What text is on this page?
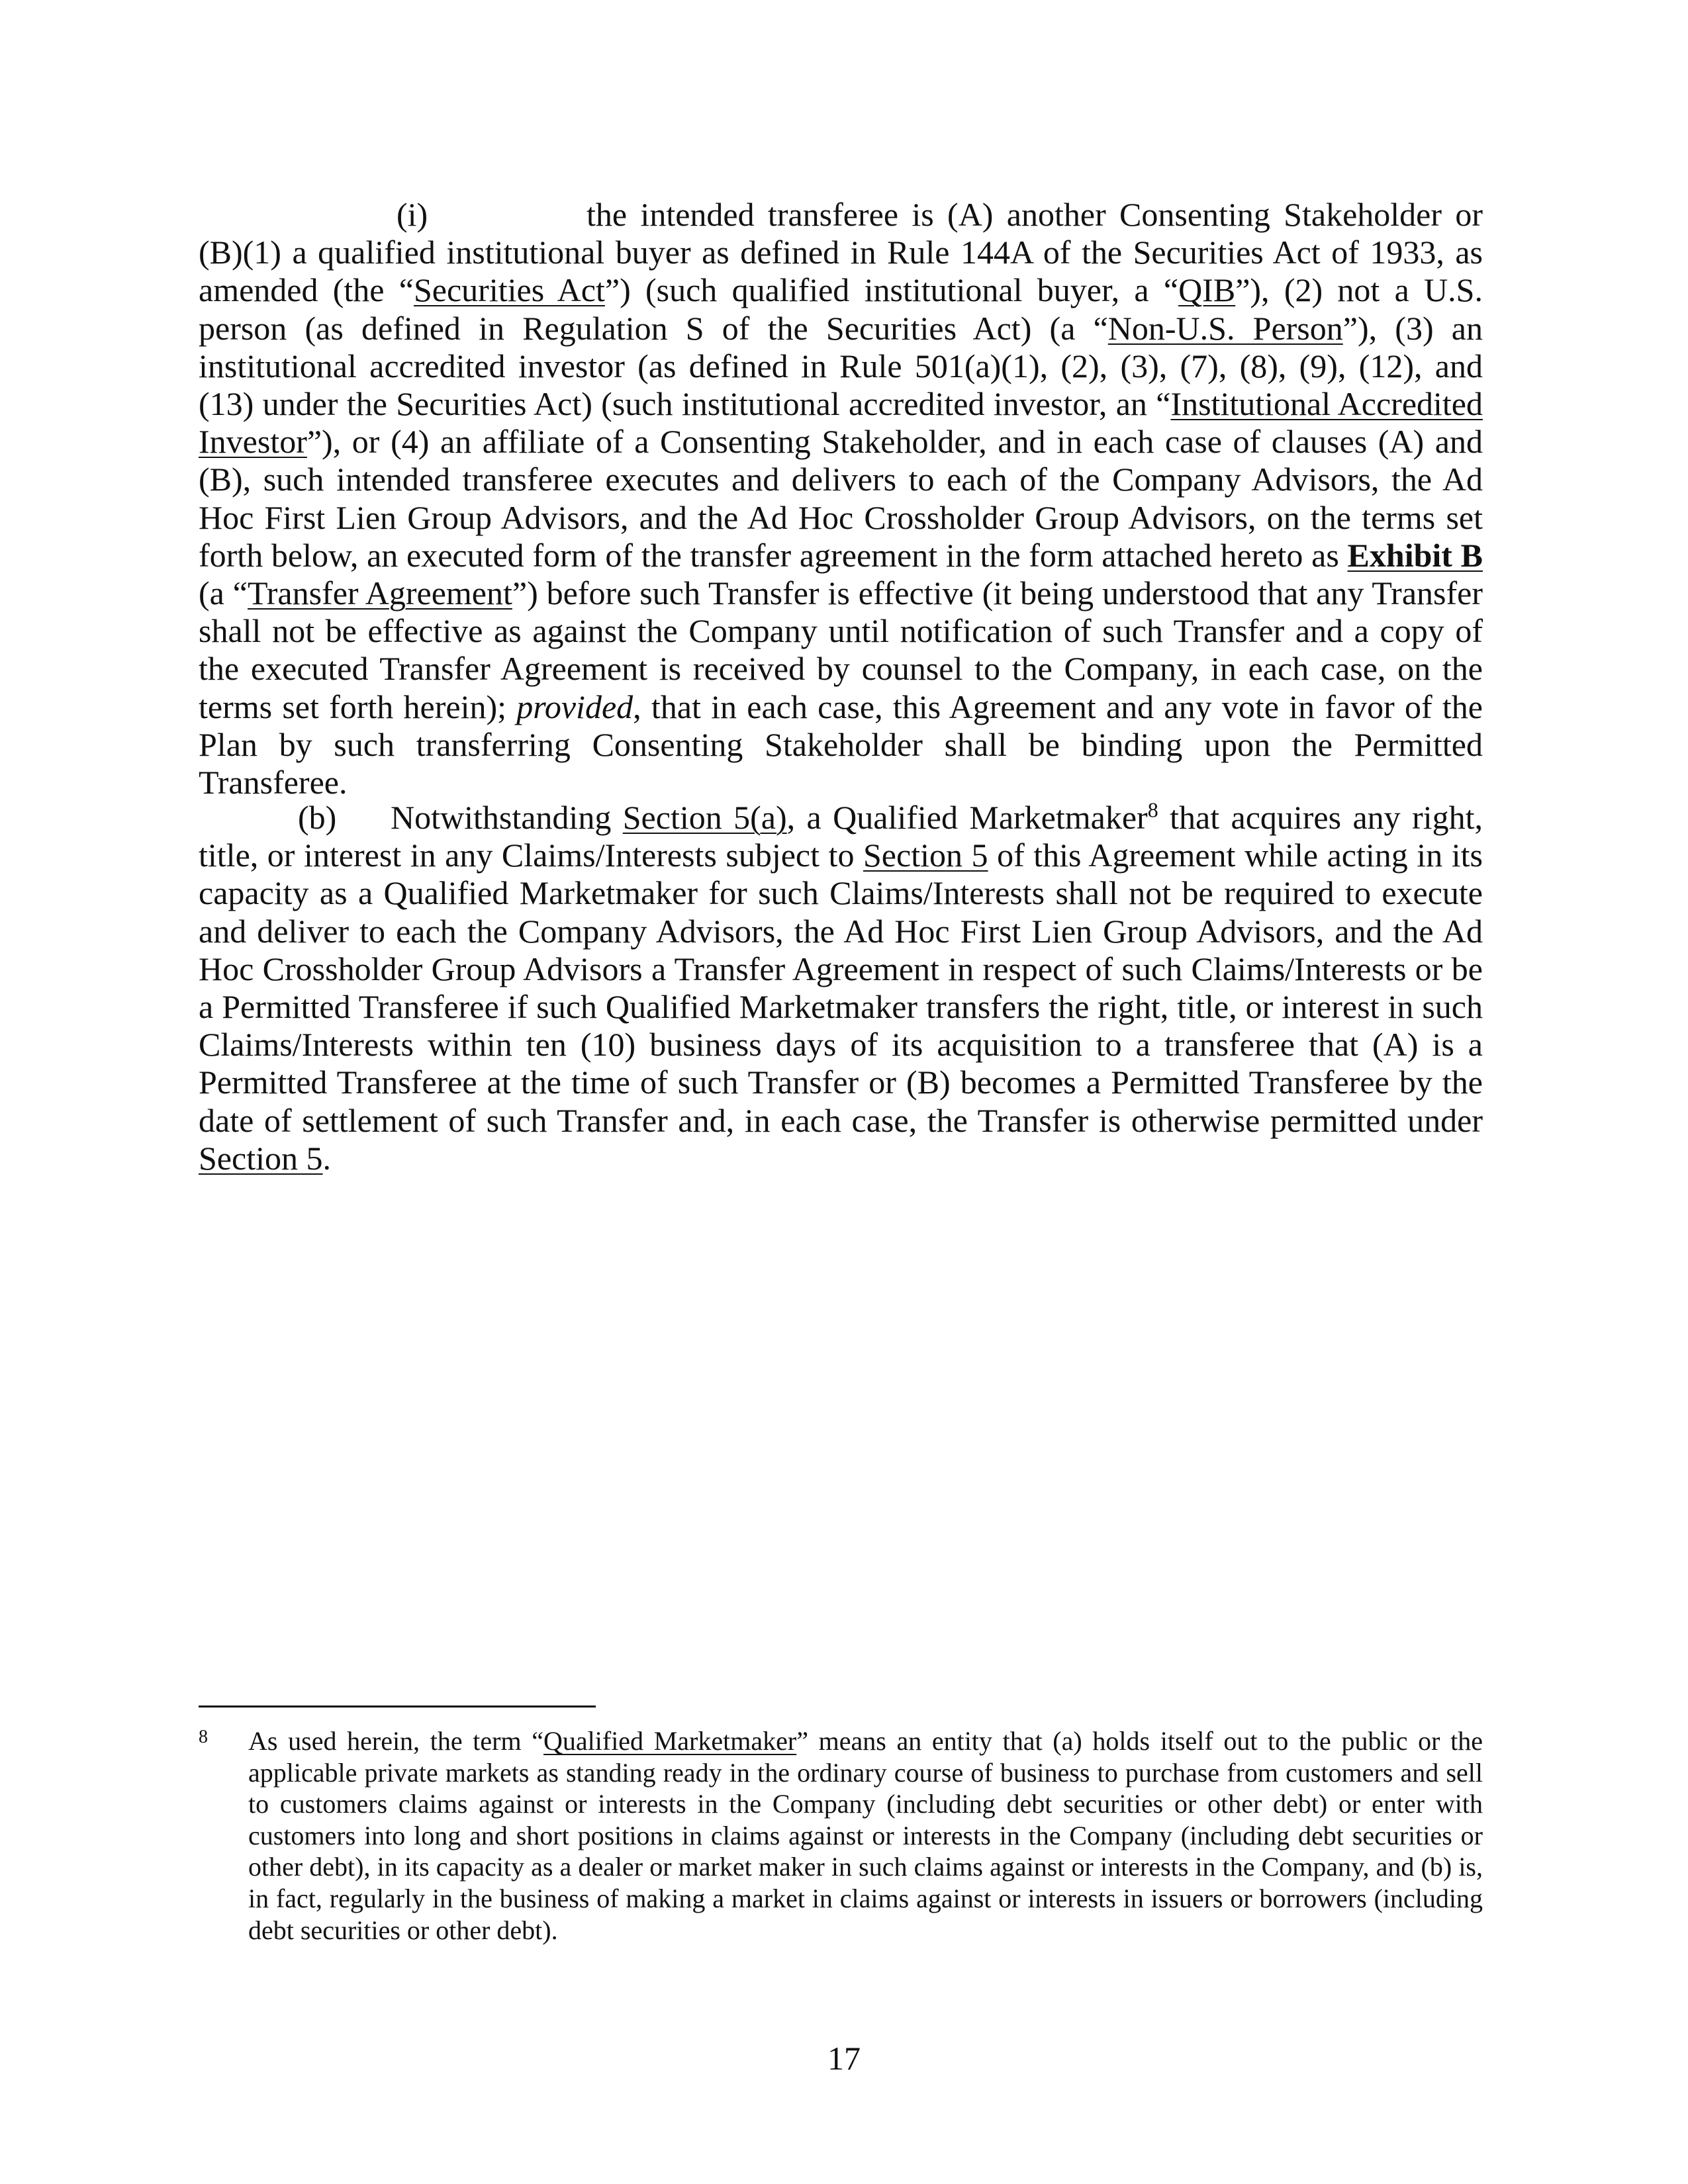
(i)	the intended transferee is (A) another Consenting Stakeholder or (B)(1) a qualified institutional buyer as defined in Rule 144A of the Securities Act of 1933, as amended (the “Securities Act”) (such qualified institutional buyer, a “QIB”), (2) not a U.S. person (as defined in Regulation S of the Securities Act) (a “Non-U.S. Person”), (3) an institutional accredited investor (as defined in Rule 501(a)(1), (2), (3), (7), (8), (9), (12), and (13) under the Securities Act) (such institutional accredited investor, an “Institutional Accredited Investor”), or (4) an affiliate of a Consenting Stakeholder, and in each case of clauses (A) and (B), such intended transferee executes and delivers to each of the Company Advisors, the Ad Hoc First Lien Group Advisors, and the Ad Hoc Crossholder Group Advisors, on the terms set forth below, an executed form of the transfer agreement in the form attached hereto as Exhibit B (a “Transfer Agreement”) before such Transfer is effective (it being understood that any Transfer shall not be effective as against the Company until notification of such Transfer and a copy of the executed Transfer Agreement is received by counsel to the Company, in each case, on the terms set forth herein); provided, that in each case, this Agreement and any vote in favor of the Plan by such transferring Consenting Stakeholder shall be binding upon the Permitted Transferee.

(b) Notwithstanding Section 5(a), a Qualified Marketmaker$^8$ that acquires any right, title, or interest in any Claims/Interests subject to Section 5 of this Agreement while acting in its capacity as a Qualified Marketmaker for such Claims/Interests shall not be required to execute and deliver to each the Company Advisors, the Ad Hoc First Lien Group Advisors, and the Ad Hoc Crossholder Group Advisors a Transfer Agreement in respect of such Claims/Interests or be a Permitted Transferee if such Qualified Marketmaker transfers the right, title, or interest in such Claims/Interests within ten (10) business days of its acquisition to a transferee that (A) is a Permitted Transferee at the time of such Transfer or (B) becomes a Permitted Transferee by the date of settlement of such Transfer and, in each case, the Transfer is otherwise permitted under Section 5.

8 As used herein, the term “Qualified Marketmaker” means an entity that (a) holds itself out to the public or the applicable private markets as standing ready in the ordinary course of business to purchase from customers and sell to customers claims against or interests in the Company (including debt securities or other debt) or enter with customers into long and short positions in claims against or interests in the Company (including debt securities or other debt), in its capacity as a dealer or market maker in such claims against or interests in the Company, and (b) is, in fact, regularly in the business of making a market in claims against or interests in issuers or borrowers (including debt securities or other debt).

17
